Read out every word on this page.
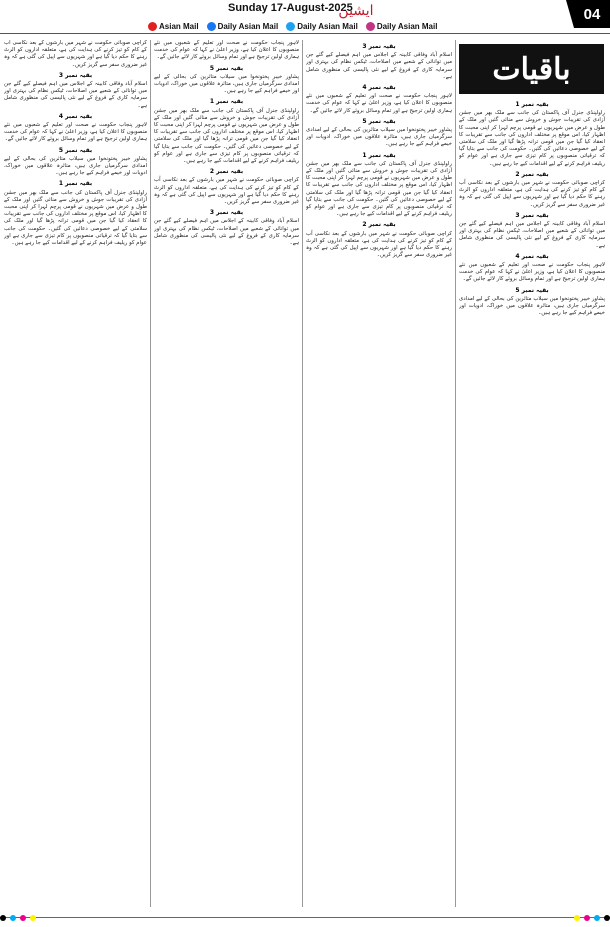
Sunday 17-August-2025
ایشین	04
Asian Mail Daily Asian Mail Daily Asian Mail Daily Asian Mail
باقیات
بقیہ نمبر 1

راولپنڈی جنرل آف پاکستان کی جانب سے ملک بھر میں جشن آزادی کی تقریبات جوش و خروش سے منائی گئیں اور ملک کے طول و عرض میں شہریوں نے قومی پرچم لہرا کر اپنی محبت کا اظہار کیا، اس موقع پر مختلف اداروں کی جانب سے تقریبات کا انعقاد کیا گیا جن میں قومی ترانہ پڑھا گیا اور ملک کی سلامتی کے لیے خصوصی دعائیں کی گئیں۔ حکومت کی جانب سے بتایا گیا کہ ترقیاتی منصوبوں پر کام تیزی سے جاری ہے اور عوام کو ریلیف فراہم کرنے کے لیے اقدامات کیے جا رہے ہیں۔

بقیہ نمبر 2

کراچی صوبائی حکومت نے شہر میں بارشوں کے بعد نکاسی آب کے کام کو تیز کرنے کی ہدایت کی ہے، متعلقہ اداروں کو الرٹ رہنے کا حکم دیا گیا ہے اور شہریوں سے اپیل کی گئی ہے کہ وہ غیر ضروری سفر سے گریز کریں۔

بقیہ نمبر 3

اسلام آباد وفاقی کابینہ کے اجلاس میں اہم فیصلے کیے گئے جن میں توانائی کے شعبے میں اصلاحات، ٹیکس نظام کی بہتری اور سرمایہ کاری کے فروغ کے لیے نئی پالیسی کی منظوری شامل ہے۔

بقیہ نمبر 4

لاہور پنجاب حکومت نے صحت اور تعلیم کے شعبوں میں نئے منصوبوں کا اعلان کیا ہے، وزیر اعلیٰ نے کہا کہ عوام کی خدمت ہماری اولین ترجیح ہے اور تمام وسائل بروئے کار لائے جائیں گے۔

بقیہ نمبر 5

پشاور خیبر پختونخوا میں سیلاب متاثرین کی بحالی کے لیے امدادی سرگرمیاں جاری ہیں، متاثرہ علاقوں میں خوراک، ادویات اور خیمے فراہم کیے جا رہے ہیں۔

بقیہ نمبر 3

اسلام آباد وفاقی کابینہ کے اجلاس میں اہم فیصلے کیے گئے جن میں توانائی کے شعبے میں اصلاحات، ٹیکس نظام کی بہتری اور سرمایہ کاری کے فروغ کے لیے نئی پالیسی کی منظوری شامل ہے۔

بقیہ نمبر 4

لاہور پنجاب حکومت نے صحت اور تعلیم کے شعبوں میں نئے منصوبوں کا اعلان کیا ہے، وزیر اعلیٰ نے کہا کہ عوام کی خدمت ہماری اولین ترجیح ہے اور تمام وسائل بروئے کار لائے جائیں گے۔

بقیہ نمبر 5

پشاور خیبر پختونخوا میں سیلاب متاثرین کی بحالی کے لیے امدادی سرگرمیاں جاری ہیں، متاثرہ علاقوں میں خوراک، ادویات اور خیمے فراہم کیے جا رہے ہیں۔

بقیہ نمبر 1

راولپنڈی جنرل آف پاکستان کی جانب سے ملک بھر میں جشن آزادی کی تقریبات جوش و خروش سے منائی گئیں اور ملک کے طول و عرض میں شہریوں نے قومی پرچم لہرا کر اپنی محبت کا اظہار کیا، اس موقع پر مختلف اداروں کی جانب سے تقریبات کا انعقاد کیا گیا جن میں قومی ترانہ پڑھا گیا اور ملک کی سلامتی کے لیے خصوصی دعائیں کی گئیں۔ حکومت کی جانب سے بتایا گیا کہ ترقیاتی منصوبوں پر کام تیزی سے جاری ہے اور عوام کو ریلیف فراہم کرنے کے لیے اقدامات کیے جا رہے ہیں۔

بقیہ نمبر 2

کراچی صوبائی حکومت نے شہر میں بارشوں کے بعد نکاسی آب کے کام کو تیز کرنے کی ہدایت کی ہے، متعلقہ اداروں کو الرٹ رہنے کا حکم دیا گیا ہے اور شہریوں سے اپیل کی گئی ہے کہ وہ غیر ضروری سفر سے گریز کریں۔

لاہور پنجاب حکومت نے صحت اور تعلیم کے شعبوں میں نئے منصوبوں کا اعلان کیا ہے، وزیر اعلیٰ نے کہا کہ عوام کی خدمت ہماری اولین ترجیح ہے اور تمام وسائل بروئے کار لائے جائیں گے۔

بقیہ نمبر 5

پشاور خیبر پختونخوا میں سیلاب متاثرین کی بحالی کے لیے امدادی سرگرمیاں جاری ہیں، متاثرہ علاقوں میں خوراک، ادویات اور خیمے فراہم کیے جا رہے ہیں۔

بقیہ نمبر 1

راولپنڈی جنرل آف پاکستان کی جانب سے ملک بھر میں جشن آزادی کی تقریبات جوش و خروش سے منائی گئیں اور ملک کے طول و عرض میں شہریوں نے قومی پرچم لہرا کر اپنی محبت کا اظہار کیا، اس موقع پر مختلف اداروں کی جانب سے تقریبات کا انعقاد کیا گیا جن میں قومی ترانہ پڑھا گیا اور ملک کی سلامتی کے لیے خصوصی دعائیں کی گئیں۔ حکومت کی جانب سے بتایا گیا کہ ترقیاتی منصوبوں پر کام تیزی سے جاری ہے اور عوام کو ریلیف فراہم کرنے کے لیے اقدامات کیے جا رہے ہیں۔

بقیہ نمبر 2

کراچی صوبائی حکومت نے شہر میں بارشوں کے بعد نکاسی آب کے کام کو تیز کرنے کی ہدایت کی ہے، متعلقہ اداروں کو الرٹ رہنے کا حکم دیا گیا ہے اور شہریوں سے اپیل کی گئی ہے کہ وہ غیر ضروری سفر سے گریز کریں۔

بقیہ نمبر 3

اسلام آباد وفاقی کابینہ کے اجلاس میں اہم فیصلے کیے گئے جن میں توانائی کے شعبے میں اصلاحات، ٹیکس نظام کی بہتری اور سرمایہ کاری کے فروغ کے لیے نئی پالیسی کی منظوری شامل ہے۔

کراچی صوبائی حکومت نے شہر میں بارشوں کے بعد نکاسی آب کے کام کو تیز کرنے کی ہدایت کی ہے، متعلقہ اداروں کو الرٹ رہنے کا حکم دیا گیا ہے اور شہریوں سے اپیل کی گئی ہے کہ وہ غیر ضروری سفر سے گریز کریں۔

بقیہ نمبر 3

اسلام آباد وفاقی کابینہ کے اجلاس میں اہم فیصلے کیے گئے جن میں توانائی کے شعبے میں اصلاحات، ٹیکس نظام کی بہتری اور سرمایہ کاری کے فروغ کے لیے نئی پالیسی کی منظوری شامل ہے۔

بقیہ نمبر 4

لاہور پنجاب حکومت نے صحت اور تعلیم کے شعبوں میں نئے منصوبوں کا اعلان کیا ہے، وزیر اعلیٰ نے کہا کہ عوام کی خدمت ہماری اولین ترجیح ہے اور تمام وسائل بروئے کار لائے جائیں گے۔

بقیہ نمبر 5

پشاور خیبر پختونخوا میں سیلاب متاثرین کی بحالی کے لیے امدادی سرگرمیاں جاری ہیں، متاثرہ علاقوں میں خوراک، ادویات اور خیمے فراہم کیے جا رہے ہیں۔

بقیہ نمبر 1

راولپنڈی جنرل آف پاکستان کی جانب سے ملک بھر میں جشن آزادی کی تقریبات جوش و خروش سے منائی گئیں اور ملک کے طول و عرض میں شہریوں نے قومی پرچم لہرا کر اپنی محبت کا اظہار کیا، اس موقع پر مختلف اداروں کی جانب سے تقریبات کا انعقاد کیا گیا جن میں قومی ترانہ پڑھا گیا اور ملک کی سلامتی کے لیے خصوصی دعائیں کی گئیں۔ حکومت کی جانب سے بتایا گیا کہ ترقیاتی منصوبوں پر کام تیزی سے جاری ہے اور عوام کو ریلیف فراہم کرنے کے لیے اقدامات کیے جا رہے ہیں۔
